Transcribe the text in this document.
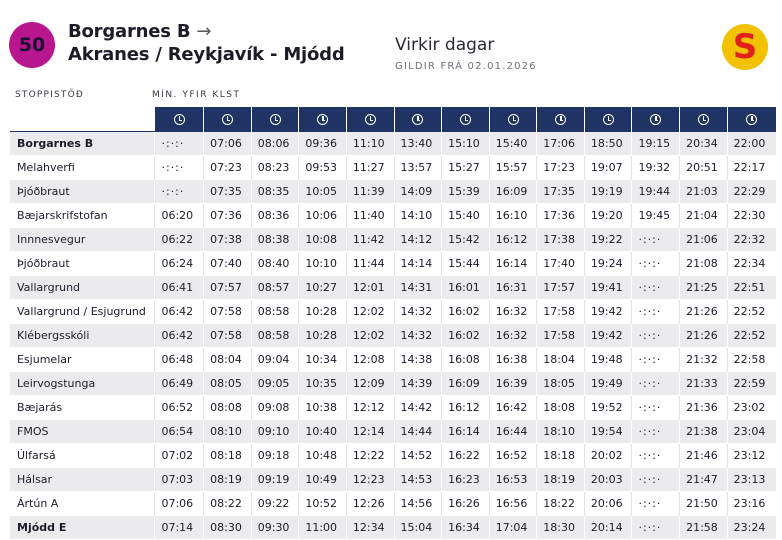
50
Borgarnes B →
Akranes / Reykjavík - Mjódd	Virkir dagar
GILDIR FRÁ 02.01.2026	S
STOPPISTÖÐ	MÍN. YFIR KLST

Borgarnes B	·:·:·	07:06	08:06	09:36	11:10	13:40	15:10	15:40	17:06	18:50	19:15	20:34	22:00
Melahverfi	·:·:·	07:23	08:23	09:53	11:27	13:57	15:27	15:57	17:23	19:07	19:32	20:51	22:17
Þjóðbraut	·:·:·	07:35	08:35	10:05	11:39	14:09	15:39	16:09	17:35	19:19	19:44	21:03	22:29
Bæjarskrifstofan	06:20	07:36	08:36	10:06	11:40	14:10	15:40	16:10	17:36	19:20	19:45	21:04	22:30
Innnesvegur	06:22	07:38	08:38	10:08	11:42	14:12	15:42	16:12	17:38	19:22	·:·:·	21:06	22:32
Þjóðbraut	06:24	07:40	08:40	10:10	11:44	14:14	15:44	16:14	17:40	19:24	·:·:·	21:08	22:34
Vallargrund	06:41	07:57	08:57	10:27	12:01	14:31	16:01	16:31	17:57	19:41	·:·:·	21:25	22:51
Vallargrund / Esjugrund	06:42	07:58	08:58	10:28	12:02	14:32	16:02	16:32	17:58	19:42	·:·:·	21:26	22:52
Klébergsskóli	06:42	07:58	08:58	10:28	12:02	14:32	16:02	16:32	17:58	19:42	·:·:·	21:26	22:52
Esjumelar	06:48	08:04	09:04	10:34	12:08	14:38	16:08	16:38	18:04	19:48	·:·:·	21:32	22:58
Leirvogstunga	06:49	08:05	09:05	10:35	12:09	14:39	16:09	16:39	18:05	19:49	·:·:·	21:33	22:59
Bæjarás	06:52	08:08	09:08	10:38	12:12	14:42	16:12	16:42	18:08	19:52	·:·:·	21:36	23:02
FMOS	06:54	08:10	09:10	10:40	12:14	14:44	16:14	16:44	18:10	19:54	·:·:·	21:38	23:04
Úlfarsá	07:02	08:18	09:18	10:48	12:22	14:52	16:22	16:52	18:18	20:02	·:·:·	21:46	23:12
Hálsar	07:03	08:19	09:19	10:49	12:23	14:53	16:23	16:53	18:19	20:03	·:·:·	21:47	23:13
Ártún A	07:06	08:22	09:22	10:52	12:26	14:56	16:26	16:56	18:22	20:06	·:·:·	21:50	23:16
Mjódd E	07:14	08:30	09:30	11:00	12:34	15:04	16:34	17:04	18:30	20:14	·:·:·	21:58	23:24
